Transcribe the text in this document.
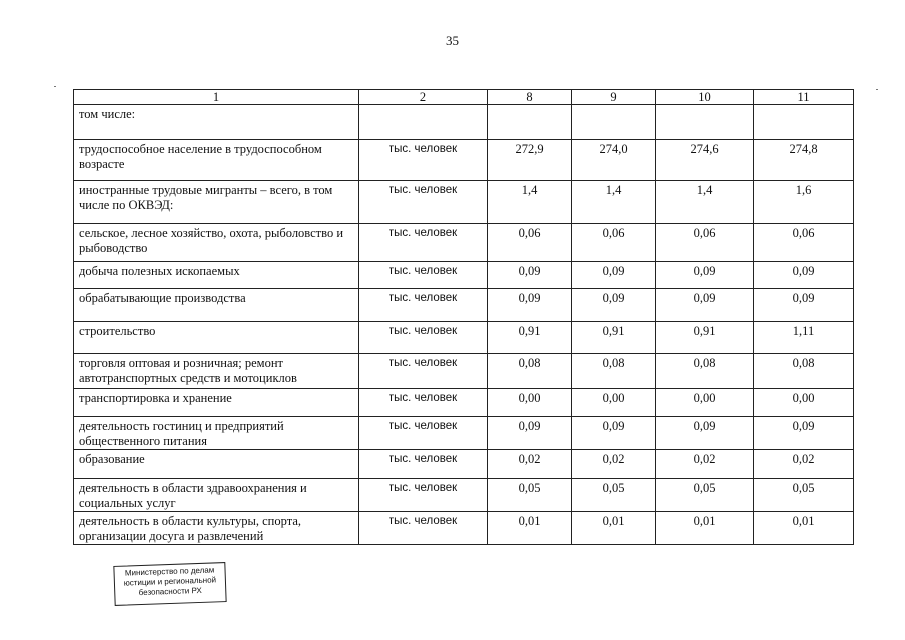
35
1	2	8	9	10	11
том числе:					
трудоспособное население в трудоспособном возрасте	тыс. человек	272,9	274,0	274,6	274,8
иностранные трудовые мигранты – всего, в том числе по ОКВЭД:	тыс. человек	1,4	1,4	1,4	1,6
сельское, лесное хозяйство, охота, рыболовство и рыбоводство	тыс. человек	0,06	0,06	0,06	0,06
добыча полезных ископаемых	тыс. человек	0,09	0,09	0,09	0,09
обрабатывающие производства	тыс. человек	0,09	0,09	0,09	0,09
строительство	тыс. человек	0,91	0,91	0,91	1,11
торговля оптовая и розничная; ремонт автотранспортных средств и мотоциклов	тыс. человек	0,08	0,08	0,08	0,08
транспортировка и хранение	тыс. человек	0,00	0,00	0,00	0,00
деятельность гостиниц и предприятий общественного питания	тыс. человек	0,09	0,09	0,09	0,09
образование	тыс. человек	0,02	0,02	0,02	0,02
деятельность в области здравоохранения и социальных услуг	тыс. человек	0,05	0,05	0,05	0,05
деятельность в области культуры, спорта, организации досуга и развлечений	тыс. человек	0,01	0,01	0,01	0,01
Министерство по делам
юстиции и региональной
безопасности РХ
